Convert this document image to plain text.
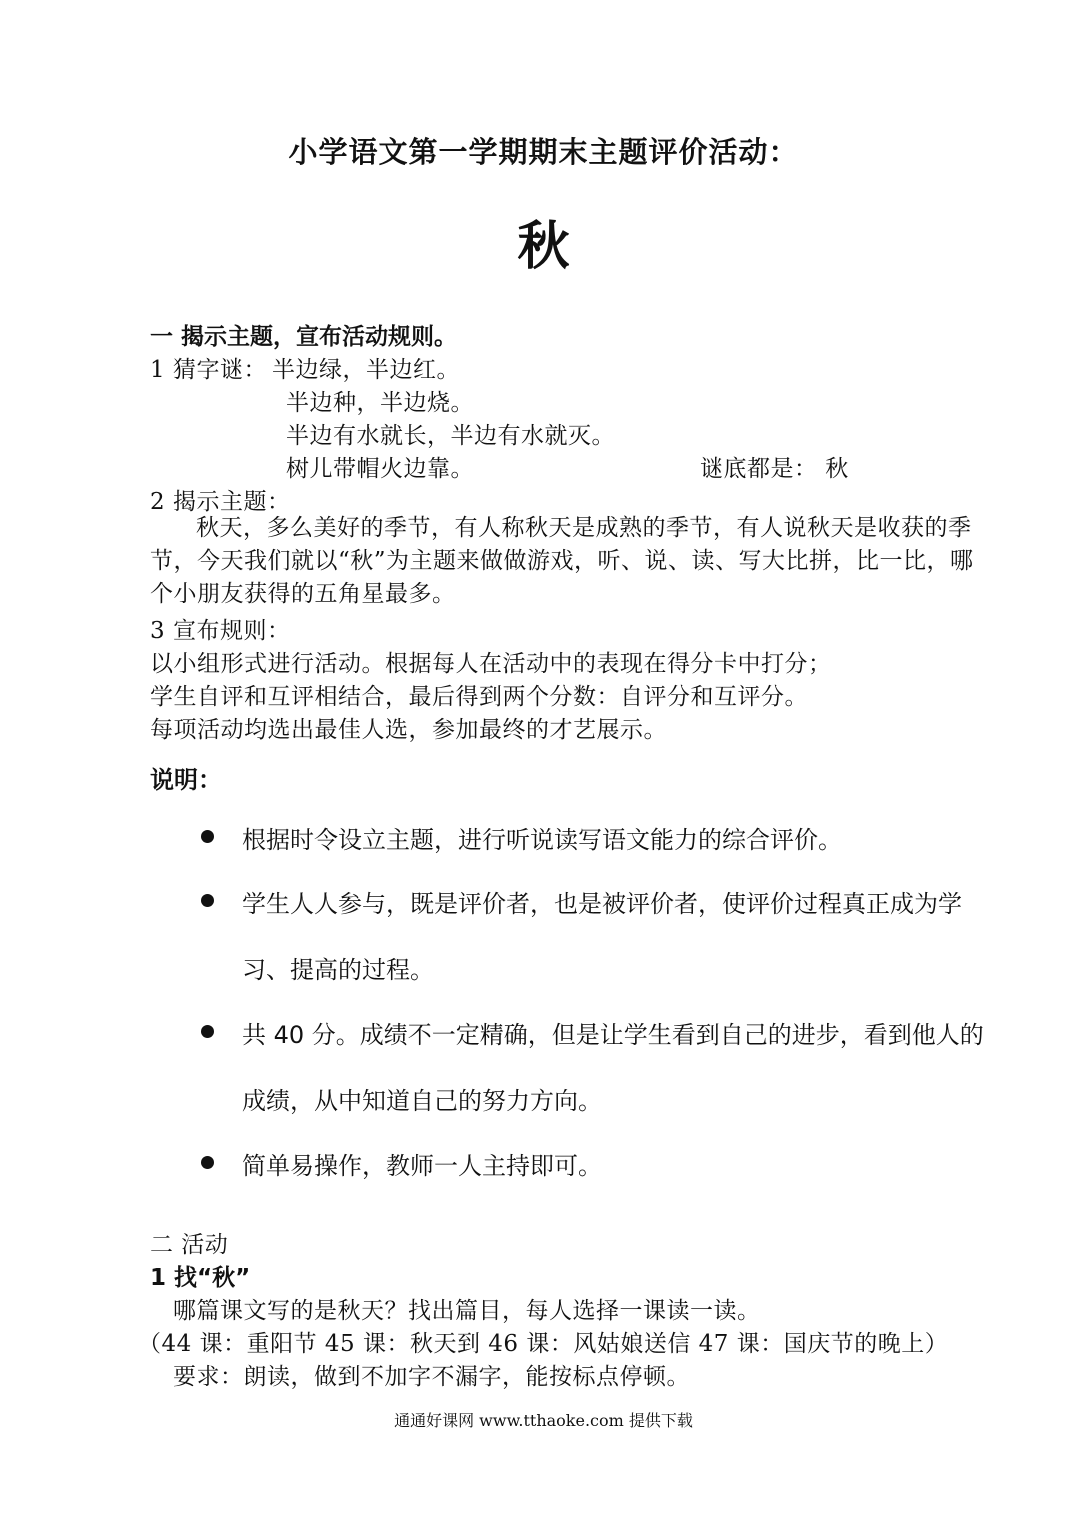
小学语文第一学期期末主题评价活动：
秋
一 揭示主题，宣布活动规则。
1 猜字谜： 半边绿，半边红。
半边种，半边烧。
半边有水就长，半边有水就灭。
树儿带帽火边靠。	谜底都是： 秋
2 揭示主题：
秋天，多么美好的季节，有人称秋天是成熟的季节，有人说秋天是收获的季节，今天我们就以“秋”为主题来做做游戏，听、说、读、写大比拼，比一比，哪个小朋友获得的五角星最多。
3 宣布规则：
以小组形式进行活动。根据每人在活动中的表现在得分卡中打分；
学生自评和互评相结合，最后得到两个分数：自评分和互评分。
每项活动均选出最佳人选，参加最终的才艺展示。
说明：
根据时令设立主题，进行听说读写语文能力的综合评价。
学生人人参与，既是评价者，也是被评价者，使评价过程真正成为学
习、提高的过程。
共 40 分。成绩不一定精确，但是让学生看到自己的进步，看到他人的
成绩，从中知道自己的努力方向。
简单易操作，教师一人主持即可。
二 活动
1 找“秋”
哪篇课文写的是秋天？找出篇目，每人选择一课读一读。
（44 课：重阳节 45 课：秋天到 46 课：风姑娘送信 47 课：国庆节的晚上）
要求：朗读，做到不加字不漏字，能按标点停顿。
通通好课网 www.tthaoke.com 提供下载
